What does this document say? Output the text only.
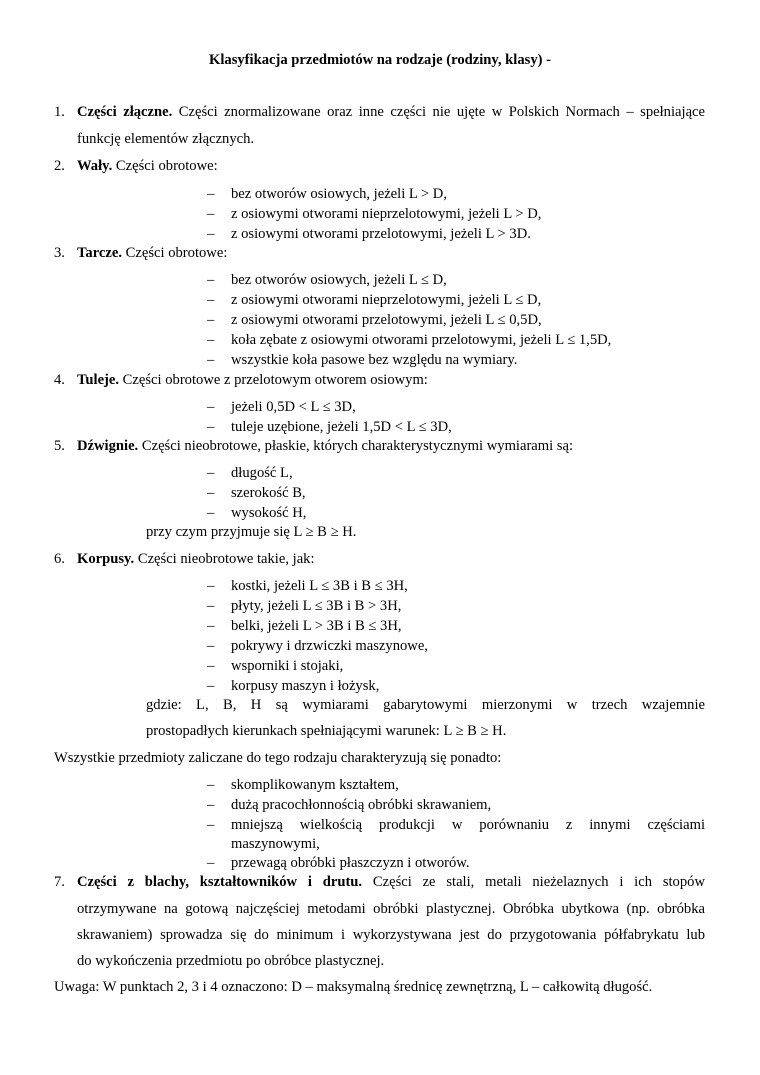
Klasyfikacja przedmiotów na rodzaje (rodziny, klasy) -
1. Części złączne. Części znormalizowane oraz inne części nie ujęte w Polskich Normach – spełniające
funkcję elementów złącznych.
2. Wały. Części obrotowe:
– bez otworów osiowych, jeżeli L > D,
– z osiowymi otworami nieprzelotowymi, jeżeli L > D,
– z osiowymi otworami przelotowymi, jeżeli L > 3D.
3. Tarcze. Części obrotowe:
– bez otworów osiowych, jeżeli L ≤ D,
– z osiowymi otworami nieprzelotowymi, jeżeli L ≤ D,
– z osiowymi otworami przelotowymi, jeżeli L ≤ 0,5D,
– koła zębate z osiowymi otworami przelotowymi, jeżeli L ≤ 1,5D,
– wszystkie koła pasowe bez względu na wymiary.
4. Tuleje. Części obrotowe z przelotowym otworem osiowym:
– jeżeli 0,5D < L ≤ 3D,
– tuleje uzębione, jeżeli 1,5D < L ≤ 3D,
5. Dźwignie. Części nieobrotowe, płaskie, których charakterystycznymi wymiarami są:
– długość L,
– szerokość B,
– wysokość H,
przy czym przyjmuje się L ≥ B ≥ H.
6. Korpusy. Części nieobrotowe takie, jak:
– kostki, jeżeli L ≤ 3B i B ≤ 3H,
– płyty, jeżeli L ≤ 3B i B > 3H,
– belki, jeżeli L > 3B i B ≤ 3H,
– pokrywy i drzwiczki maszynowe,
– wsporniki i stojaki,
– korpusy maszyn i łożysk,
gdzie: L, B, H są wymiarami gabarytowymi mierzonymi w trzech wzajemnie
prostopadłych kierunkach spełniającymi warunek: L ≥ B ≥ H.
Wszystkie przedmioty zaliczane do tego rodzaju charakteryzują się ponadto:
– skomplikowanym kształtem,
– dużą pracochłonnością obróbki skrawaniem,
– mniejszą wielkością produkcji w porównaniu z innymi częściami
maszynowymi,
– przewagą obróbki płaszczyzn i otworów.
7. Części z blachy, kształtowników i drutu. Części ze stali, metali nieżelaznych i ich stopów
otrzymywane na gotową najczęściej metodami obróbki plastycznej. Obróbka ubytkowa (np. obróbka
skrawaniem) sprowadza się do minimum i wykorzystywana jest do przygotowania półfabrykatu lub
do wykończenia przedmiotu po obróbce plastycznej.
Uwaga: W punktach 2, 3 i 4 oznaczono: D – maksymalną średnicę zewnętrzną, L – całkowitą długość.
